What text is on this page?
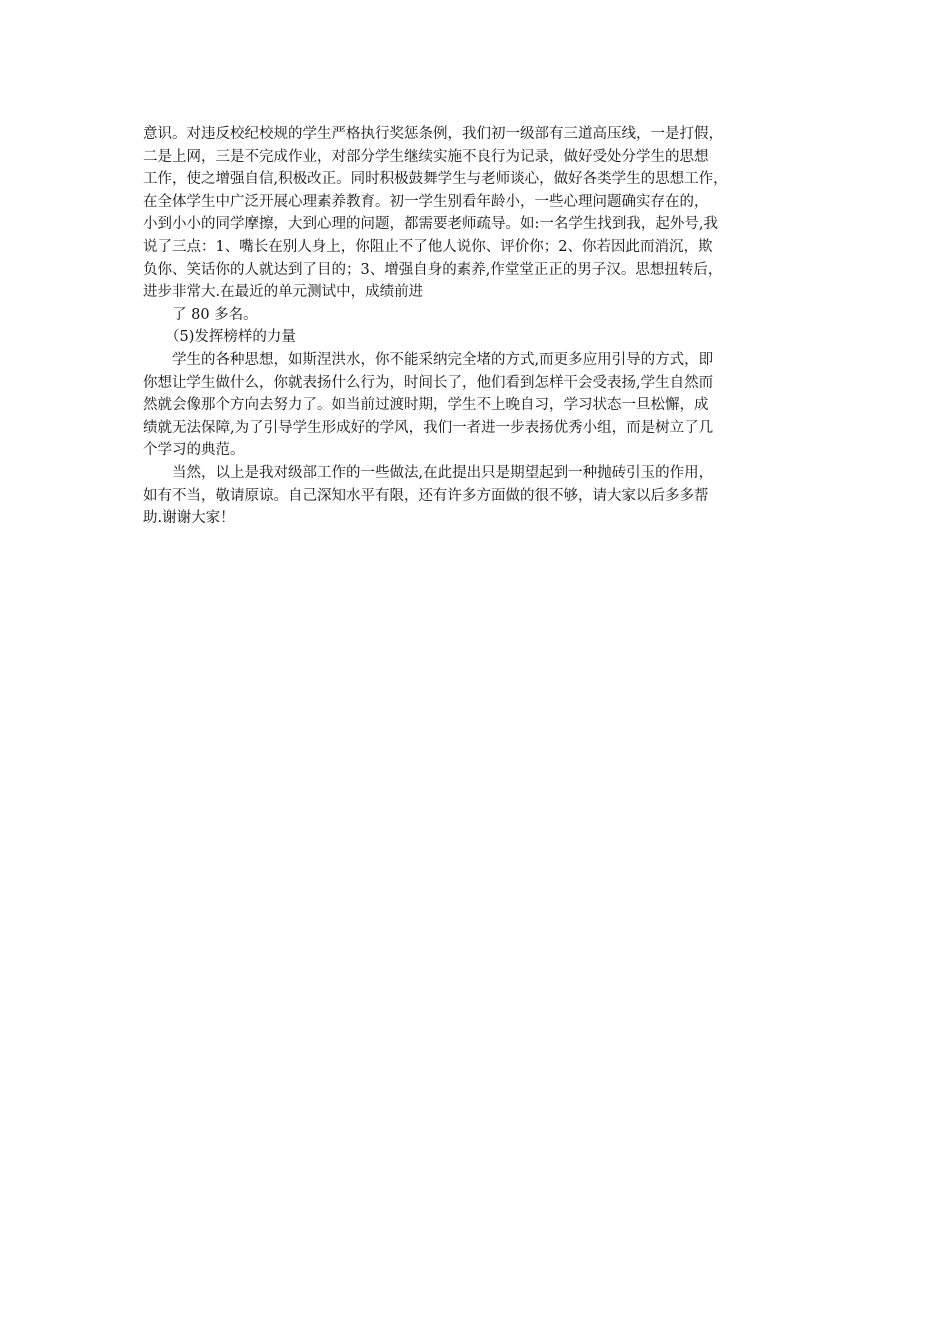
意识。对违反校纪校规的学生严格执行奖惩条例，我们初一级部有三道高压线，一是打假，
二是上网，三是不完成作业，对部分学生继续实施不良行为记录，做好受处分学生的思想
工作，使之增强自信,积极改正。同时积极鼓舞学生与老师谈心，做好各类学生的思想工作，
在全体学生中广泛开展心理素养教育。初一学生别看年龄小，一些心理问题确实存在的，
小到小小的同学摩擦，大到心理的问题，都需要老师疏导。如:一名学生找到我，起外号,我
说了三点：1、嘴长在别人身上，你阻止不了他人说你、评价你；2、你若因此而消沉，欺
负你、笑话你的人就达到了目的；3、增强自身的素养,作堂堂正正的男子汉。思想扭转后，
进步非常大.在最近的单元测试中，成绩前进
了 80 多名。
（5)发挥榜样的力量
学生的各种思想，如斯涅洪水，你不能采纳完全堵的方式,而更多应用引导的方式，即
你想让学生做什么，你就表扬什么行为，时间长了，他们看到怎样干会受表扬,学生自然而
然就会像那个方向去努力了。如当前过渡时期，学生不上晚自习，学习状态一旦松懈，成
绩就无法保障,为了引导学生形成好的学风，我们一者进一步表扬优秀小组，而是树立了几
个学习的典范。
当然，以上是我对级部工作的一些做法,在此提出只是期望起到一种抛砖引玉的作用，
如有不当，敬请原谅。自己深知水平有限，还有许多方面做的很不够，请大家以后多多帮
助.谢谢大家！
